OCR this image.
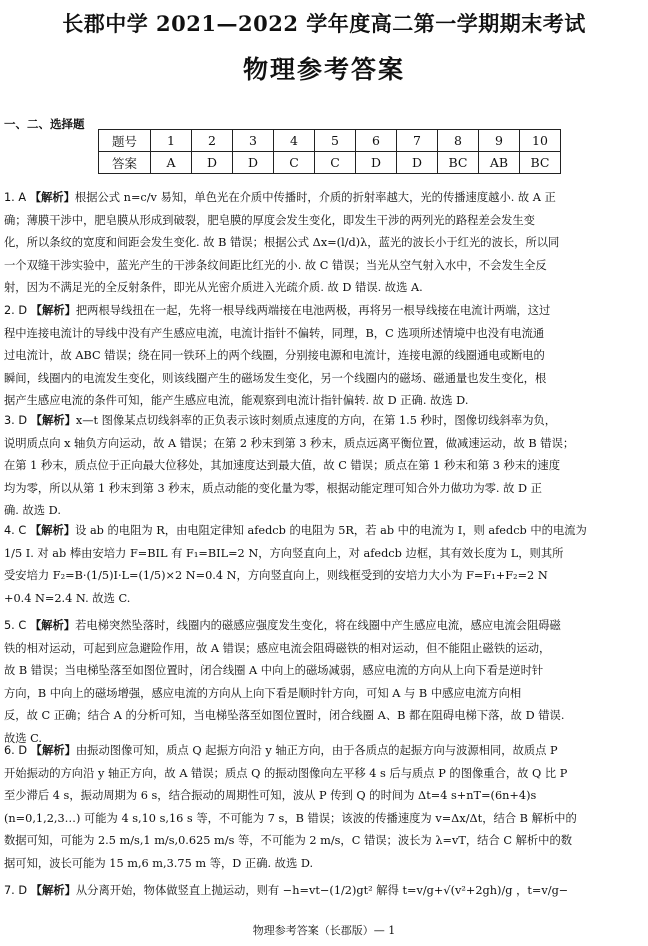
长郡中学 2021—2022 学年度高二第一学期期末考试
物理参考答案
一、二、选择题
题号	1	2	3	4	5	6	7	8	9	10
答案	A	D	D	C	C	D	D	BC	AB	BC

1. A 【解析】根据公式 n=c/v 易知，单色光在介质中传播时，介质的折射率越大，光的传播速度越小. 故 A 正

确；薄膜干涉中，肥皂膜从形成到破裂，肥皂膜的厚度会发生变化，即发生干涉的两列光的路程差会发生变

化，所以条纹的宽度和间距会发生变化. 故 B 错误；根据公式 Δx=(l/d)λ，蓝光的波长小于红光的波长，所以同

一个双缝干涉实验中，蓝光产生的干涉条纹间距比红光的小. 故 C 错误；当光从空气射入水中，不会发生全反

射，因为不满足光的全反射条件，即光从光密介质进入光疏介质. 故 D 错误. 故选 A.

2. D 【解析】把两根导线扭在一起，先将一根导线两端接在电池两极，再将另一根导线接在电流计两端，这过

程中连接电流计的导线中没有产生感应电流，电流计指针不偏转，同理，B，C 选项所述情境中也没有电流通

过电流计，故 ABC 错误；绕在同一铁环上的两个线圈，分别接电源和电流计，连接电源的线圈通电或断电的

瞬间，线圈内的电流发生变化，则该线圈产生的磁场发生变化，另一个线圈内的磁场、磁通量也发生变化，根

据产生感应电流的条件可知，能产生感应电流，能观察到电流计指针偏转. 故 D 正确. 故选 D.

3. D 【解析】x—t 图像某点切线斜率的正负表示该时刻质点速度的方向，在第 1.5 秒时，图像切线斜率为负，

说明质点向 x 轴负方向运动，故 A 错误；在第 2 秒末到第 3 秒末，质点远离平衡位置，做减速运动，故 B 错误；

在第 1 秒末，质点位于正向最大位移处，其加速度达到最大值，故 C 错误；质点在第 1 秒末和第 3 秒末的速度

均为零，所以从第 1 秒末到第 3 秒末，质点动能的变化量为零，根据动能定理可知合外力做功为零. 故 D 正

确. 故选 D.

4. C 【解析】设 ab 的电阻为 R，由电阻定律知 afedcb 的电阻为 5R，若 ab 中的电流为 I，则 afedcb 中的电流为

1/5 I. 对 ab 棒由安培力 F=BIL 有 F₁=BIL=2 N，方向竖直向上，对 afedcb 边框，其有效长度为 L，则其所

受安培力 F₂=B·(1/5)I·L=(1/5)×2 N=0.4 N，方向竖直向上，则线框受到的安培力大小为 F=F₁+F₂=2 N

+0.4 N=2.4 N. 故选 C.

5. C 【解析】若电梯突然坠落时，线圈内的磁感应强度发生变化，将在线圈中产生感应电流，感应电流会阻碍磁

铁的相对运动，可起到应急避险作用，故 A 错误；感应电流会阻碍磁铁的相对运动，但不能阻止磁铁的运动，

故 B 错误；当电梯坠落至如图位置时，闭合线圈 A 中向上的磁场减弱，感应电流的方向从上向下看是逆时针

方向，B 中向上的磁场增强，感应电流的方向从上向下看是顺时针方向，可知 A 与 B 中感应电流方向相

反，故 C 正确；结合 A 的分析可知，当电梯坠落至如图位置时，闭合线圈 A、B 都在阻碍电梯下落，故 D 错误.

故选 C.

6. D 【解析】由振动图像可知，质点 Q 起振方向沿 y 轴正方向，由于各质点的起振方向与波源相同，故质点 P

开始振动的方向沿 y 轴正方向，故 A 错误；质点 Q 的振动图像向左平移 4 s 后与质点 P 的图像重合，故 Q 比 P

至少滞后 4 s，振动周期为 6 s，结合振动的周期性可知，波从 P 传到 Q 的时间为 Δt=4 s+nT=(6n+4)s

(n=0,1,2,3…) 可能为 4 s,10 s,16 s 等，不可能为 7 s，B 错误；该波的传播速度为 v=Δx/Δt，结合 B 解析中的

数据可知，可能为 2.5 m/s,1 m/s,0.625 m/s 等，不可能为 2 m/s，C 错误；波长为 λ=vT，结合 C 解析中的数

据可知，波长可能为 15 m,6 m,3.75 m 等，D 正确. 故选 D.

7. D 【解析】从分离开始，物体做竖直上抛运动，则有 −h=vt−(1/2)gt² 解得 t=v/g+√(v²+2gh)/g ，t=v/g−

物理参考答案（长郡版）— 1
